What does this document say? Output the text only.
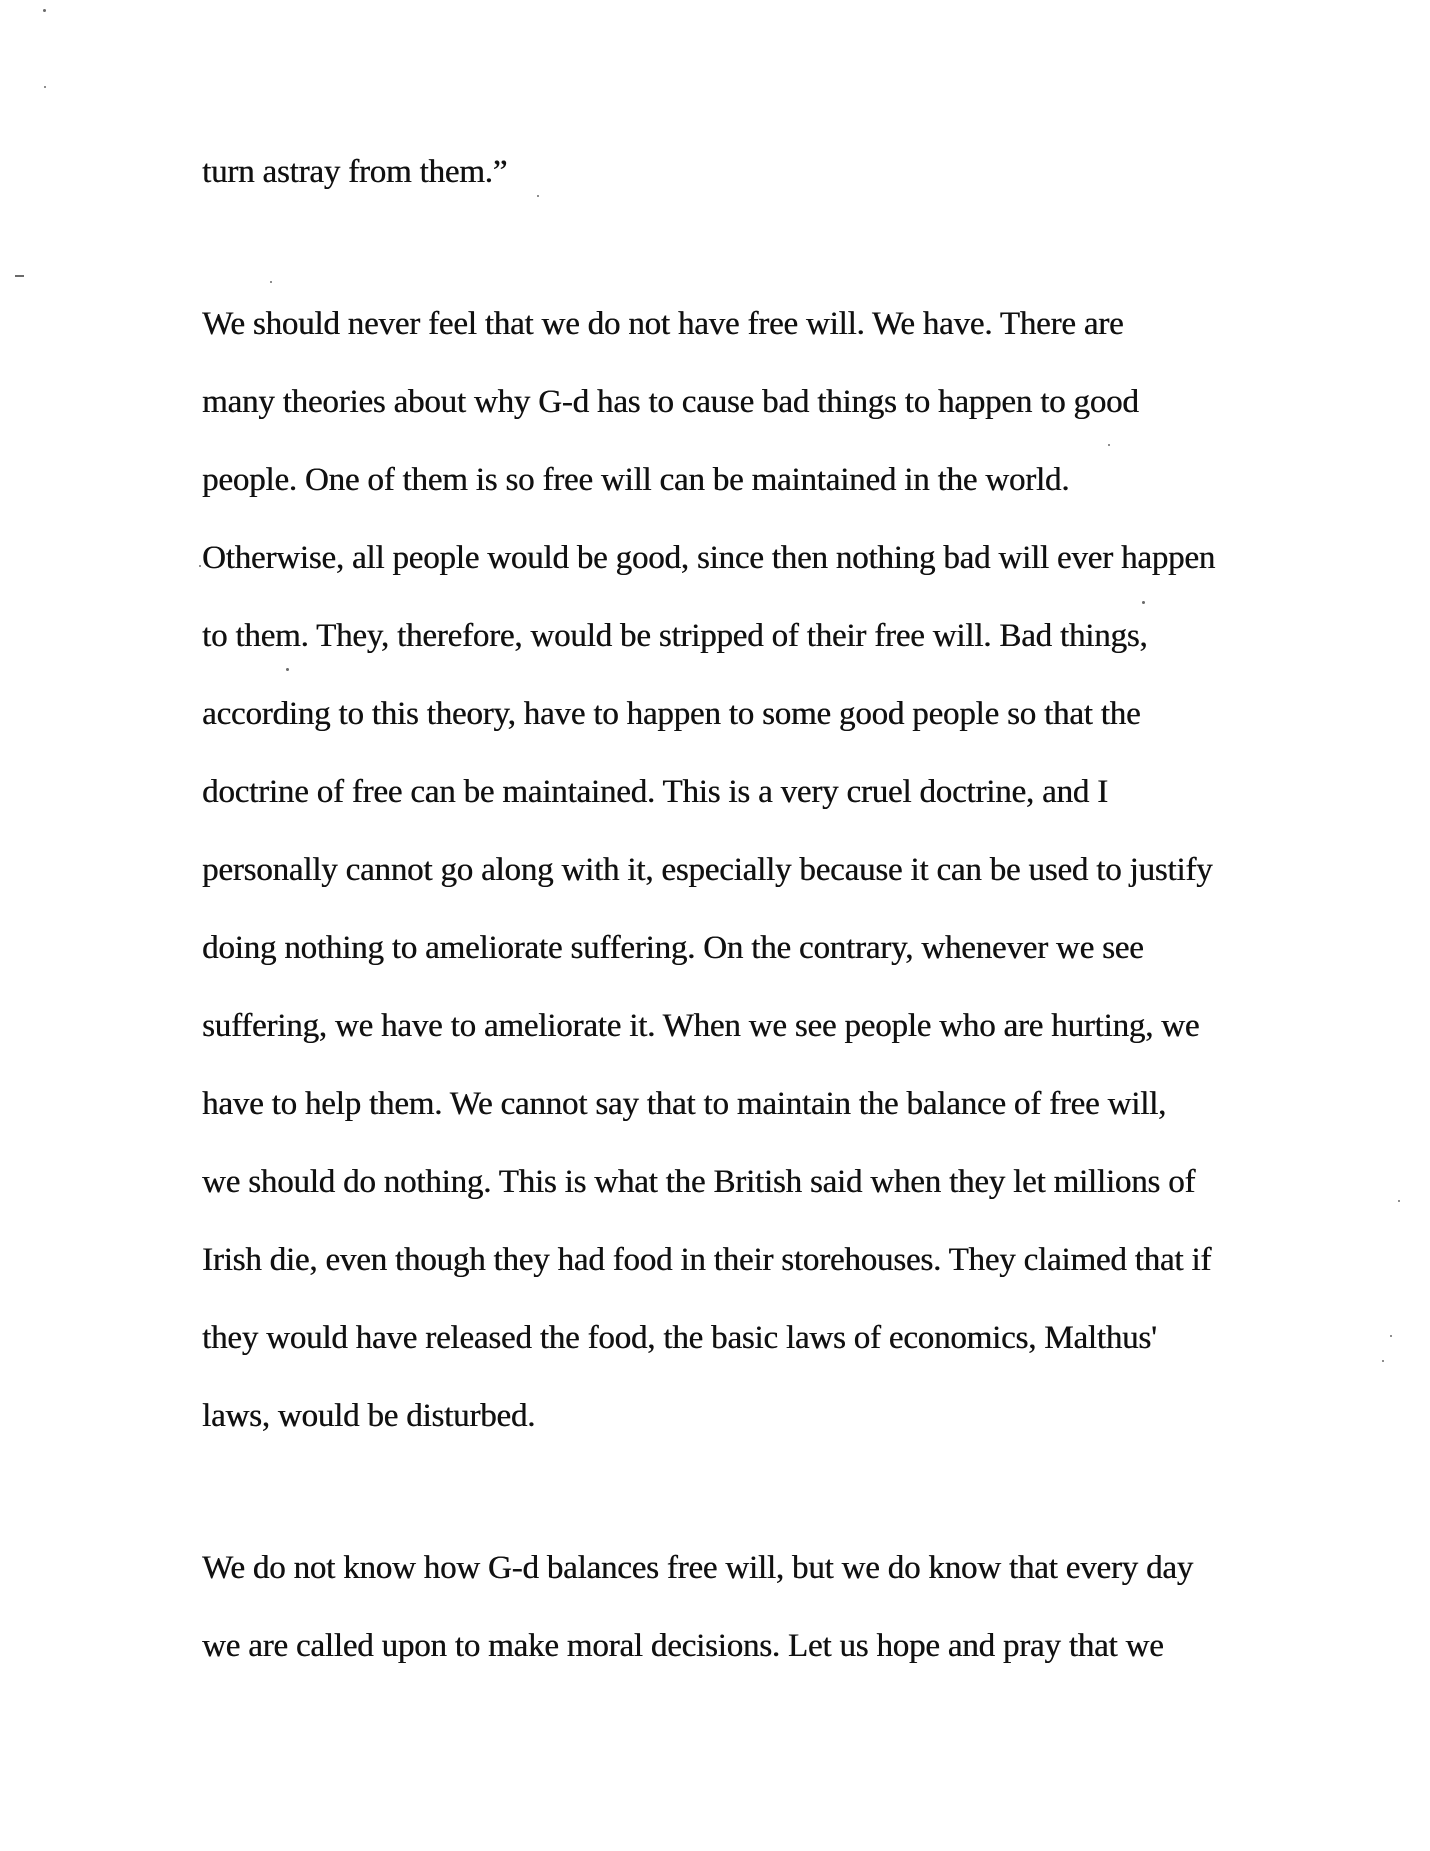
turn astray from them.”

We should never feel that we do not have free will. We have. There are

many theories about why G-d has to cause bad things to happen to good

people. One of them is so free will can be maintained in the world.

Otherwise, all people would be good, since then nothing bad will ever happen

to them. They, therefore, would be stripped of their free will. Bad things,

according to this theory, have to happen to some good people so that the

doctrine of free can be maintained. This is a very cruel doctrine, and I

personally cannot go along with it, especially because it can be used to justify

doing nothing to ameliorate suffering. On the contrary, whenever we see

suffering, we have to ameliorate it. When we see people who are hurting, we

have to help them. We cannot say that to maintain the balance of free will,

we should do nothing. This is what the British said when they let millions of

Irish die, even though they had food in their storehouses. They claimed that if

they would have released the food, the basic laws of economics, Malthus'

laws, would be disturbed.

We do not know how G-d balances free will, but we do know that every day

we are called upon to make moral decisions. Let us hope and pray that we
